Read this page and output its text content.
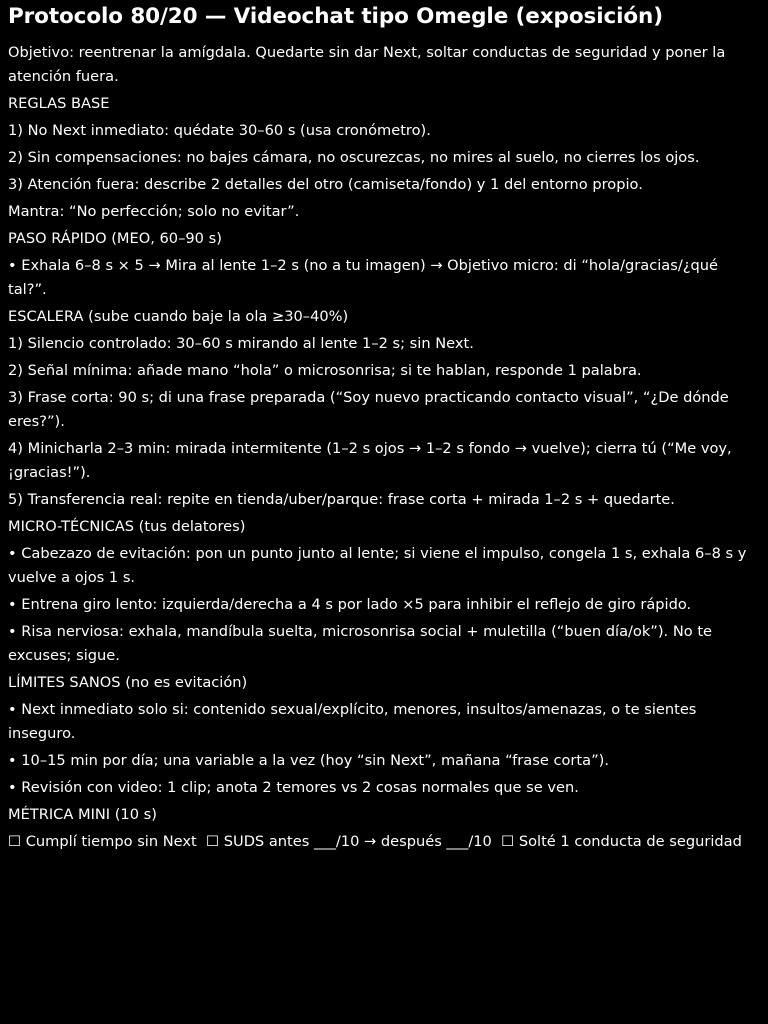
Protocolo 80/20 — Videochat tipo Omegle (exposición)

Objetivo: reentrenar la amígdala. Quedarte sin dar Next, soltar conductas de seguridad y poner la atención fuera.

REGLAS BASE

1) No Next inmediato: quédate 30–60 s (usa cronómetro).

2) Sin compensaciones: no bajes cámara, no oscurezcas, no mires al suelo, no cierres los ojos.

3) Atención fuera: describe 2 detalles del otro (camiseta/fondo) y 1 del entorno propio.

Mantra: “No perfección; solo no evitar”.

PASO RÁPIDO (MEO, 60–90 s)

• Exhala 6–8 s × 5 → Mira al lente 1–2 s (no a tu imagen) → Objetivo micro: di “hola/gracias/¿qué tal?”.

ESCALERA (sube cuando baje la ola ≥30–40%)

1) Silencio controlado: 30–60 s mirando al lente 1–2 s; sin Next.

2) Señal mínima: añade mano “hola” o microsonrisa; si te hablan, responde 1 palabra.

3) Frase corta: 90 s; di una frase preparada (“Soy nuevo practicando contacto visual”, “¿De dónde eres?”).

4) Minicharla 2–3 min: mirada intermitente (1–2 s ojos → 1–2 s fondo → vuelve); cierra tú (“Me voy, ¡gracias!”).

5) Transferencia real: repite en tienda/uber/parque: frase corta + mirada 1–2 s + quedarte.

MICRO-TÉCNICAS (tus delatores)

• Cabezazo de evitación: pon un punto junto al lente; si viene el impulso, congela 1 s, exhala 6–8 s y vuelve a ojos 1 s.

• Entrena giro lento: izquierda/derecha a 4 s por lado ×5 para inhibir el reflejo de giro rápido.

• Risa nerviosa: exhala, mandíbula suelta, microsonrisa social + muletilla (“buen día/ok”). No te excuses; sigue.

LÍMITES SANOS (no es evitación)

• Next inmediato solo si: contenido sexual/explícito, menores, insultos/amenazas, o te sientes inseguro.

• 10–15 min por día; una variable a la vez (hoy “sin Next”, mañana “frase corta”).

• Revisión con video: 1 clip; anota 2 temores vs 2 cosas normales que se ven.

MÉTRICA MINI (10 s)

☐ Cumplí tiempo sin Next ☐ SUDS antes ___/10 → después ___/10 ☐ Solté 1 conducta de seguridad
